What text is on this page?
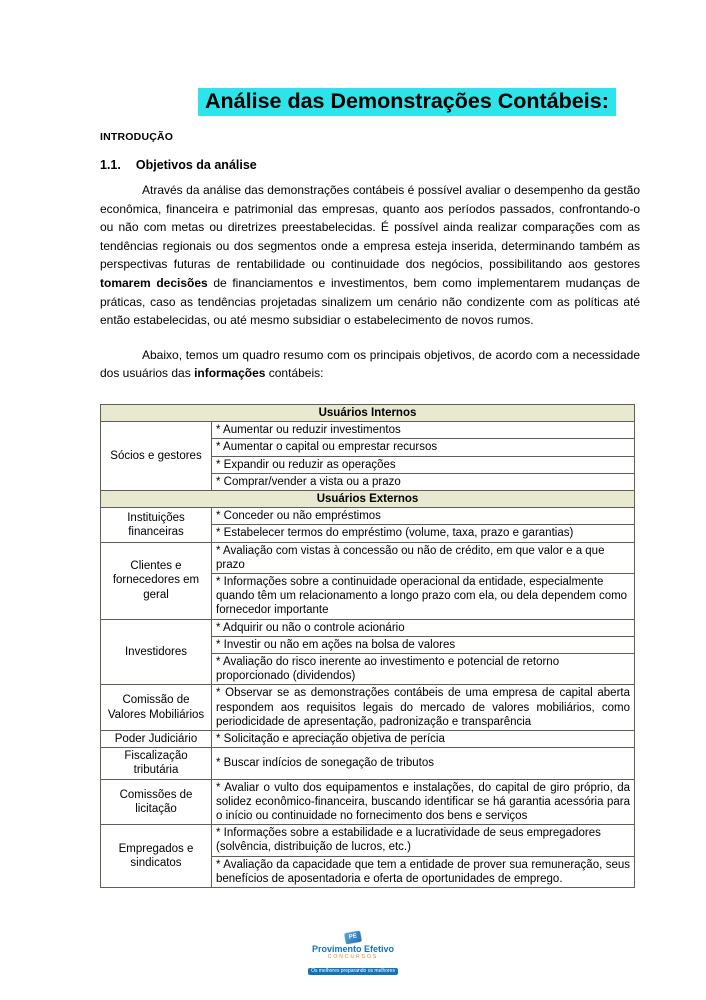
Análise das Demonstrações Contábeis:
INTRODUÇÃO
1.1. Objetivos da análise

Através da análise das demonstrações contábeis é possível avaliar o desempenho da gestão econômica, financeira e patrimonial das empresas, quanto aos períodos passados, confrontando-o ou não com metas ou diretrizes preestabelecidas. É possível ainda realizar comparações com as tendências regionais ou dos segmentos onde a empresa esteja inserida, determinando também as perspectivas futuras de rentabilidade ou continuidade dos negócios, possibilitando aos gestores tomarem decisões de financiamentos e investimentos, bem como implementarem mudanças de práticas, caso as tendências projetadas sinalizem um cenário não condizente com as políticas até então estabelecidas, ou até mesmo subsidiar o estabelecimento de novos rumos.

Abaixo, temos um quadro resumo com os principais objetivos, de acordo com a necessidade dos usuários das informações contábeis:

Usuários Internos	
Sócios e gestores	* Aumentar ou reduzir investimentos
	* Aumentar o capital ou emprestar recursos
	* Expandir ou reduzir as operações
	* Comprar/vender a vista ou a prazo
Usuários Externos	
Instituições financeiras	* Conceder ou não empréstimos
	* Estabelecer termos do empréstimo (volume, taxa, prazo e garantias)
Clientes e fornecedores em geral	* Avaliação com vistas à concessão ou não de crédito, em que valor e a que prazo
	* Informações sobre a continuidade operacional da entidade, especialmente quando têm um relacionamento a longo prazo com ela, ou dela dependem como fornecedor importante
Investidores	* Adquirir ou não o controle acionário
	* Investir ou não em ações na bolsa de valores
	* Avaliação do risco inerente ao investimento e potencial de retorno proporcionado (dividendos)
Comissão de Valores Mobiliários	* Observar se as demonstrações contábeis de uma empresa de capital aberta respondem aos requisitos legais do mercado de valores mobiliários, como periodicidade de apresentação, padronização e transparência
Poder Judiciário	* Solicitação e apreciação objetiva de perícia
Fiscalização tributária	* Buscar indícios de sonegação de tributos
Comissões de licitação	* Avaliar o vulto dos equipamentos e instalações, do capital de giro próprio, da solidez econômico-financeira, buscando identificar se há garantia acessória para o início ou continuidade no fornecimento dos bens e serviços
Empregados e sindicatos	* Informações sobre a estabilidade e a lucratividade de seus empregadores (solvência, distribuição de lucros, etc.)
	* Avaliação da capacidade que tem a entidade de prover sua remuneração, seus benefícios de aposentadoria e oferta de oportunidades de emprego.
PE
Provimento Efetivo
CONCURSOS
Os melhores preparando os melhores
